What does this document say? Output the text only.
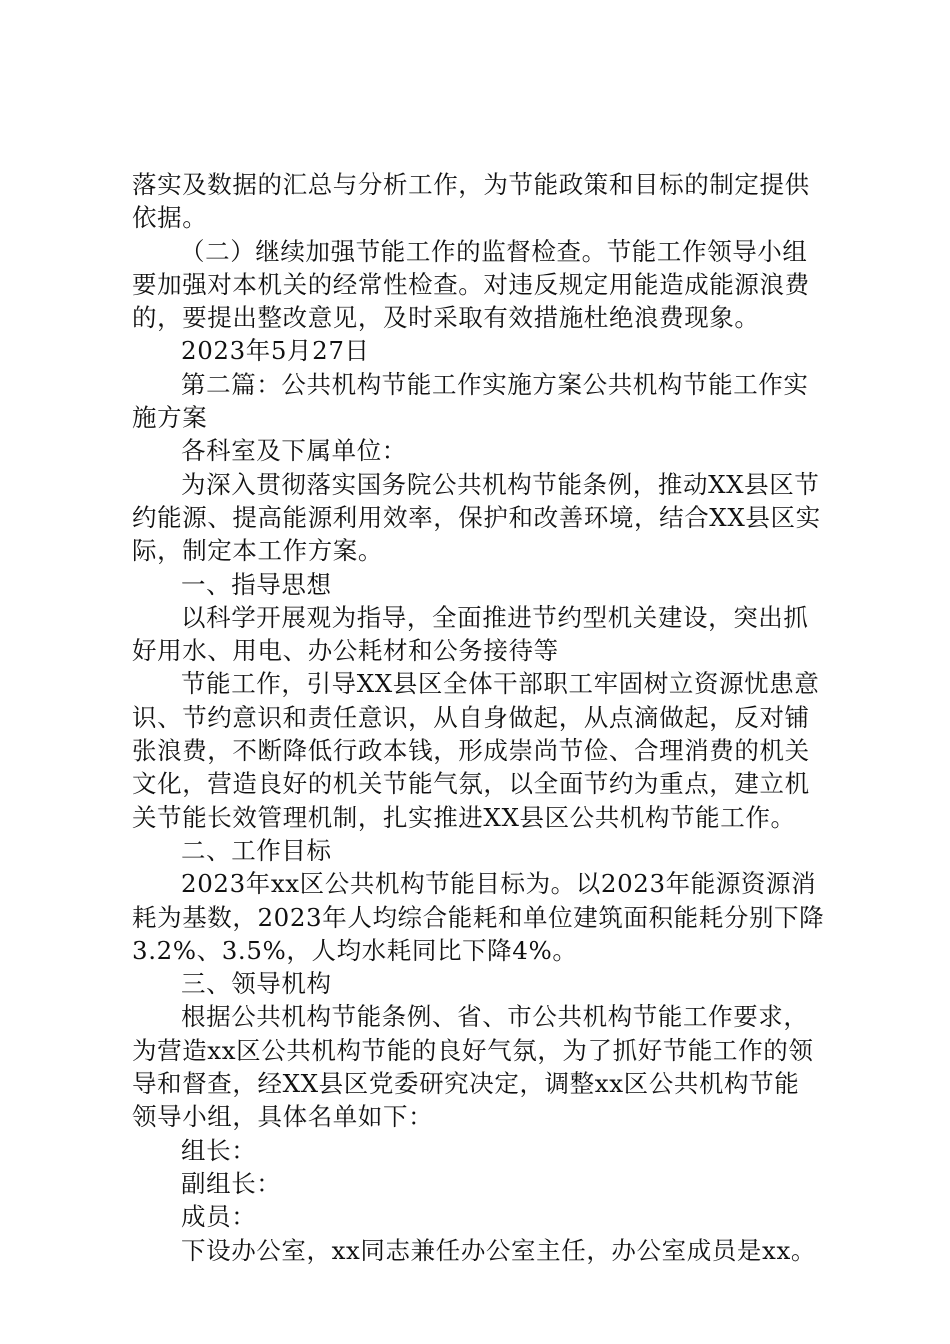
落实及数据的汇总与分析工作，为节能政策和目标的制定提供

依据。

（二）继续加强节能工作的监督检查。节能工作领导小组

要加强对本机关的经常性检查。对违反规定用能造成能源浪费

的，要提出整改意见，及时采取有效措施杜绝浪费现象。

2023年5月27日

第二篇：公共机构节能工作实施方案公共机构节能工作实

施方案

各科室及下属单位：

为深入贯彻落实国务院公共机构节能条例，推动XX县区节

约能源、提高能源利用效率，保护和改善环境，结合XX县区实

际，制定本工作方案。

一、指导思想

以科学开展观为指导，全面推进节约型机关建设，突出抓

好用水、用电、办公耗材和公务接待等

节能工作，引导XX县区全体干部职工牢固树立资源忧患意

识、节约意识和责任意识，从自身做起，从点滴做起，反对铺

张浪费，不断降低行政本钱，形成崇尚节俭、合理消费的机关

文化，营造良好的机关节能气氛，以全面节约为重点，建立机

关节能长效管理机制，扎实推进XX县区公共机构节能工作。

二、工作目标

2023年xx区公共机构节能目标为。以2023年能源资源消

耗为基数，2023年人均综合能耗和单位建筑面积能耗分别下降

3.2%、3.5%，人均水耗同比下降4%。

三、领导机构

根据公共机构节能条例、省、市公共机构节能工作要求，

为营造xx区公共机构节能的良好气氛，为了抓好节能工作的领

导和督查，经XX县区党委研究决定，调整xx区公共机构节能

领导小组，具体名单如下：

组长：

副组长：

成员：

下设办公室，xx同志兼任办公室主任，办公室成员是xx。
